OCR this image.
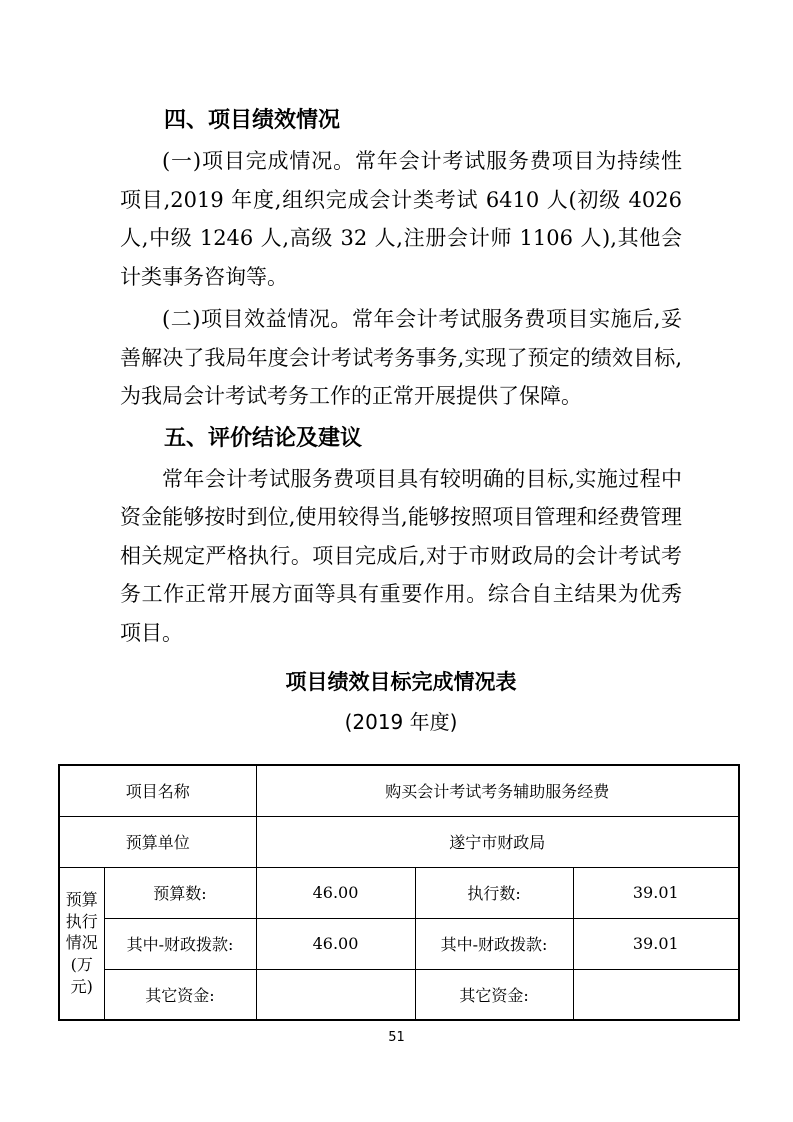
四、项目绩效情况

(一)项目完成情况。常年会计考试服务费项目为持续性项目,2019 年度,组织完成会计类考试 6410 人(初级 4026 人,中级 1246 人,高级 32 人,注册会计师 1106 人),其他会计类事务咨询等。

(二)项目效益情况。常年会计考试服务费项目实施后,妥善解决了我局年度会计考试考务事务,实现了预定的绩效目标,为我局会计考试考务工作的正常开展提供了保障。

五、评价结论及建议

常年会计考试服务费项目具有较明确的目标,实施过程中资金能够按时到位,使用较得当,能够按照项目管理和经费管理相关规定严格执行。项目完成后,对于市财政局的会计考试考务工作正常开展方面等具有重要作用。综合自主结果为优秀项目。

项目绩效目标完成情况表
(2019 年度)
项目名称		购买会计考试考务辅助服务经费		
预算单位		遂宁市财政局		
预算执行情况(万元)	预算数:	46.00	执行数:	39.01
	其中-财政拨款:	46.00	其中-财政拨款:	39.01
	其它资金:		其它资金:	
51
